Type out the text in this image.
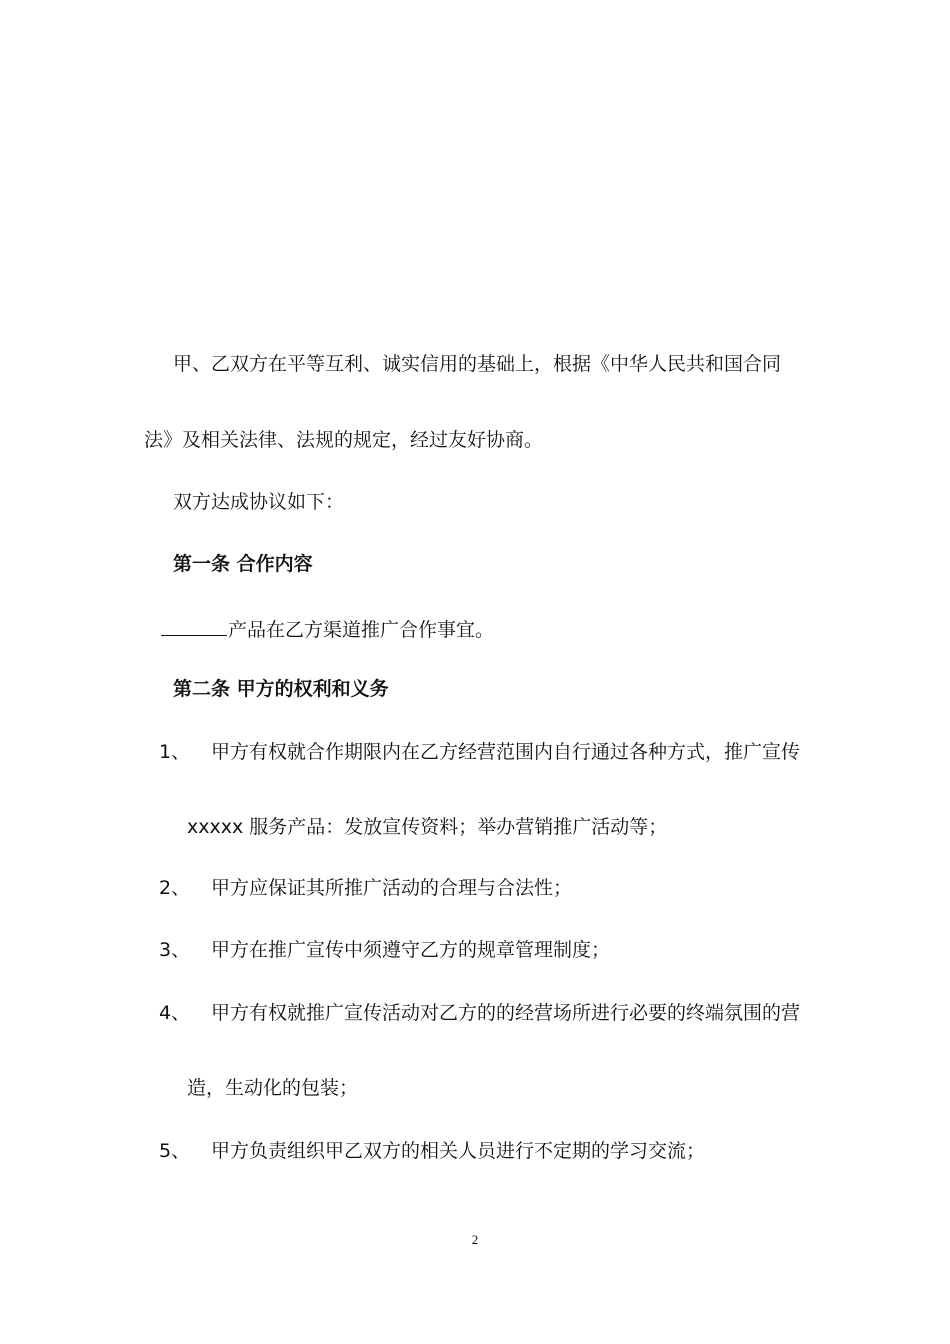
甲、乙双方在平等互利、诚实信用的基础上，根据《中华人民共和国合同
法》及相关法律、法规的规定，经过友好协商。
双方达成协议如下：
第一条 合作内容
产品在乙方渠道推广合作事宜。
第二条 甲方的权利和义务
1、 甲方有权就合作期限内在乙方经营范围内自行通过各种方式，推广宣传
xxxxx 服务产品：发放宣传资料；举办营销推广活动等；
2、 甲方应保证其所推广活动的合理与合法性；
3、 甲方在推广宣传中须遵守乙方的规章管理制度；
4、 甲方有权就推广宣传活动对乙方的的经营场所进行必要的终端氛围的营
造，生动化的包装；
5、 甲方负责组织甲乙双方的相关人员进行不定期的学习交流；
2
